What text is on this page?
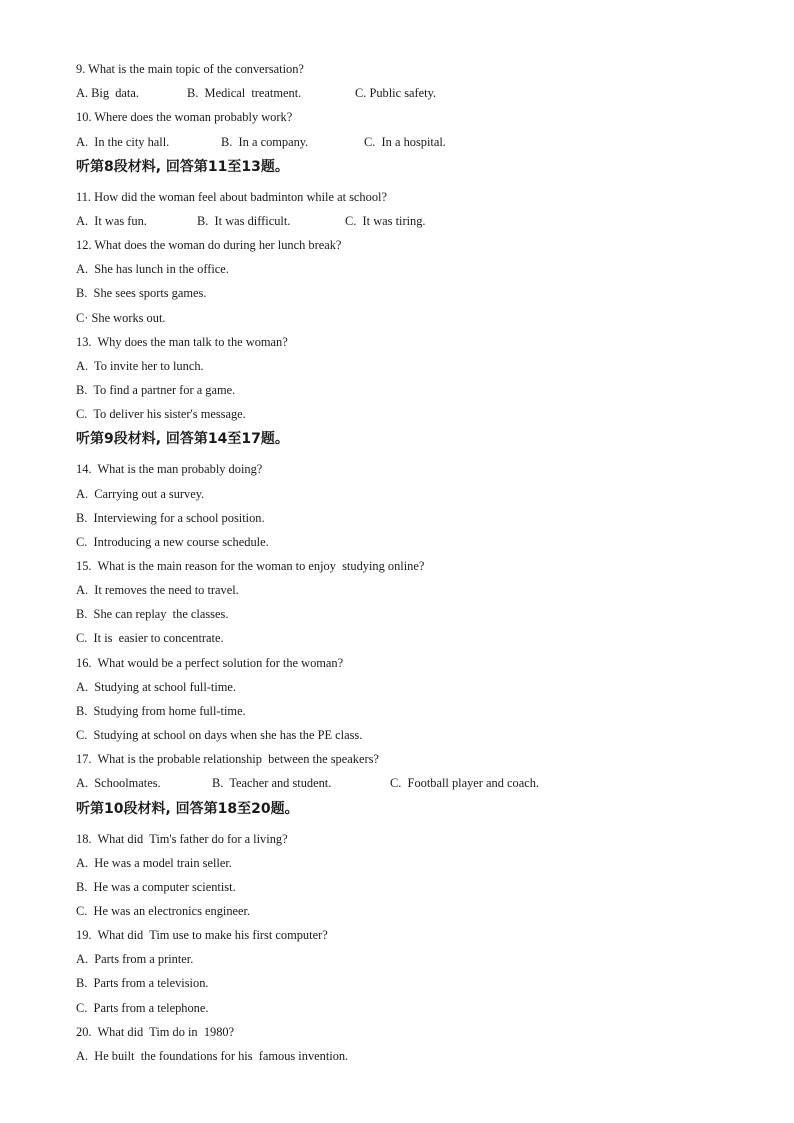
9. What is the main topic of the conversation?
A. Big  data.	B.  Medical  treatment.	C. Public safety.
10. Where does the woman probably work?
A.  In the city hall.	B.  In a company.	C.  In a hospital.
听第8段材料, 回答第11至13题。
11. How did the woman feel about badminton while at school?
A.  It was fun.	B.  It was difficult.	C.  It was tiring.
12. What does the woman do during her lunch break?
A.  She has lunch in the office.
B.  She sees sports games.
C· She works out.
13.  Why does the man talk to the woman?
A.  To invite her to lunch.
B.  To find a partner for a game.
C.  To deliver his sister's message.
听第9段材料, 回答第14至17题。
14.  What is the man probably doing?
A.  Carrying out a survey.
B.  Interviewing for a school position.
C.  Introducing a new course schedule.
15.  What is the main reason for the woman to enjoy  studying online?
A.  It removes the need to travel.
B.  She can replay  the classes.
C.  It is  easier to concentrate.
16.  What would be a perfect solution for the woman?
A.  Studying at school full-time.
B.  Studying from home full-time.
C.  Studying at school on days when she has the PE class.
17.  What is the probable relationship  between the speakers?
A.  Schoolmates.	B.  Teacher and student.	C.  Football player and coach.
听第10段材料, 回答第18至20题。
18.  What did  Tim's father do for a living?
A.  He was a model train seller.
B.  He was a computer scientist.
C.  He was an electronics engineer.
19.  What did  Tim use to make his first computer?
A.  Parts from a printer.
B.  Parts from a television.
C.  Parts from a telephone.
20.  What did  Tim do in  1980?
A.  He built  the foundations for his  famous invention.
